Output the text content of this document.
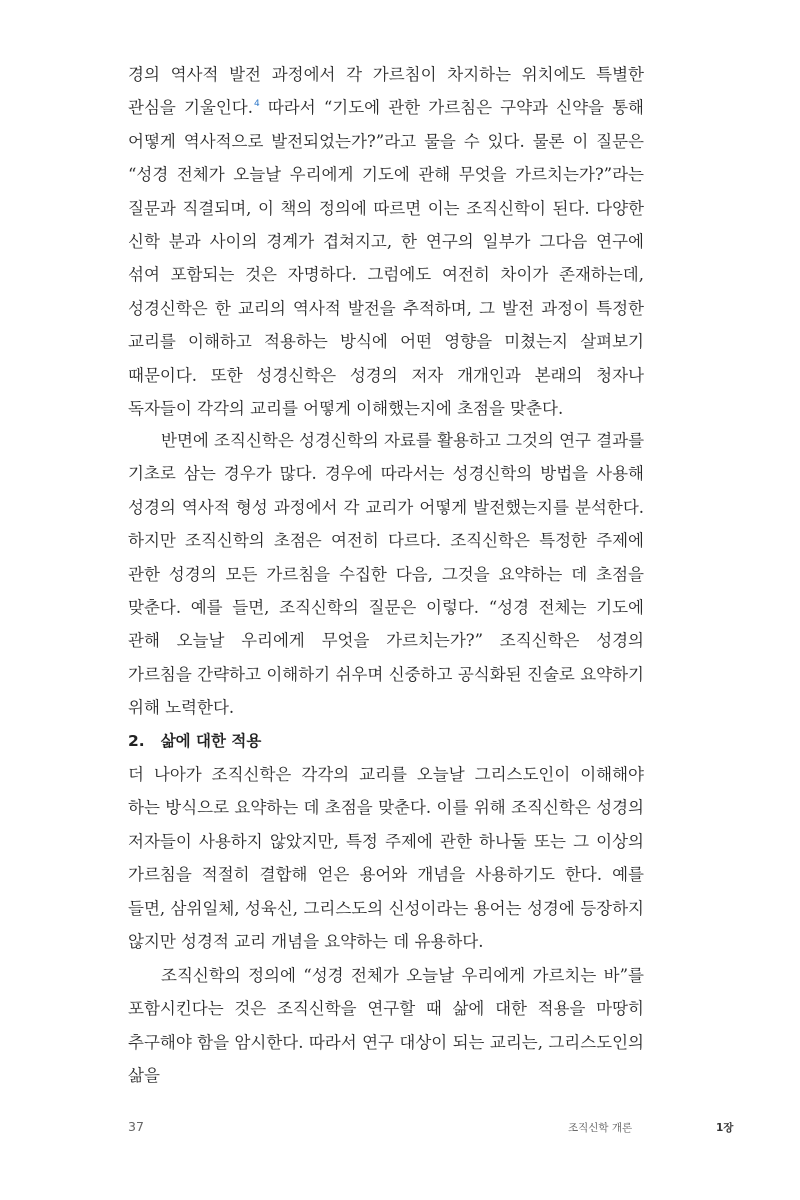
경의 역사적 발전 과정에서 각 가르침이 차지하는 위치에도 특별한 관심을 기울인다.$^4$ 따라서 “기도에 관한 가르침은 구약과 신약을 통해 어떻게 역사적으로 발전되었는가?”라고 물을 수 있다. 물론 이 질문은 “성경 전체가 오늘날 우리에게 기도에 관해 무엇을 가르치는가?”라는 질문과 직결되며, 이 책의 정의에 따르면 이는 조직신학이 된다. 다양한 신학 분과 사이의 경계가 겹쳐지고, 한 연구의 일부가 그다음 연구에 섞여 포함되는 것은 자명하다. 그럼에도 여전히 차이가 존재하는데, 성경신학은 한 교리의 역사적 발전을 추적하며, 그 발전 과정이 특정한 교리를 이해하고 적용하는 방식에 어떤 영향을 미쳤는지 살펴보기 때문이다. 또한 성경신학은 성경의 저자 개개인과 본래의 청자나 독자들이 각각의 교리를 어떻게 이해했는지에 초점을 맞춘다.

반면에 조직신학은 성경신학의 자료를 활용하고 그것의 연구 결과를 기초로 삼는 경우가 많다. 경우에 따라서는 성경신학의 방법을 사용해 성경의 역사적 형성 과정에서 각 교리가 어떻게 발전했는지를 분석한다. 하지만 조직신학의 초점은 여전히 다르다. 조직신학은 특정한 주제에 관한 성경의 모든 가르침을 수집한 다음, 그것을 요약하는 데 초점을 맞춘다. 예를 들면, 조직신학의 질문은 이렇다. “성경 전체는 기도에 관해 오늘날 우리에게 무엇을 가르치는가?” 조직신학은 성경의 가르침을 간략하고 이해하기 쉬우며 신중하고 공식화된 진술로 요약하기 위해 노력한다.

2. 삶에 대한 적용

더 나아가 조직신학은 각각의 교리를 오늘날 그리스도인이 이해해야 하는 방식으로 요약하는 데 초점을 맞춘다. 이를 위해 조직신학은 성경의 저자들이 사용하지 않았지만, 특정 주제에 관한 하나둘 또는 그 이상의 가르침을 적절히 결합해 얻은 용어와 개념을 사용하기도 한다. 예를 들면, 삼위일체, 성육신, 그리스도의 신성이라는 용어는 성경에 등장하지 않지만 성경적 교리 개념을 요약하는 데 유용하다.

조직신학의 정의에 “성경 전체가 오늘날 우리에게 가르치는 바”를 포함시킨다는 것은 조직신학을 연구할 때 삶에 대한 적용을 마땅히 추구해야 함을 암시한다. 따라서 연구 대상이 되는 교리는, 그리스도인의 삶을

37	조직신학 개론	1장
